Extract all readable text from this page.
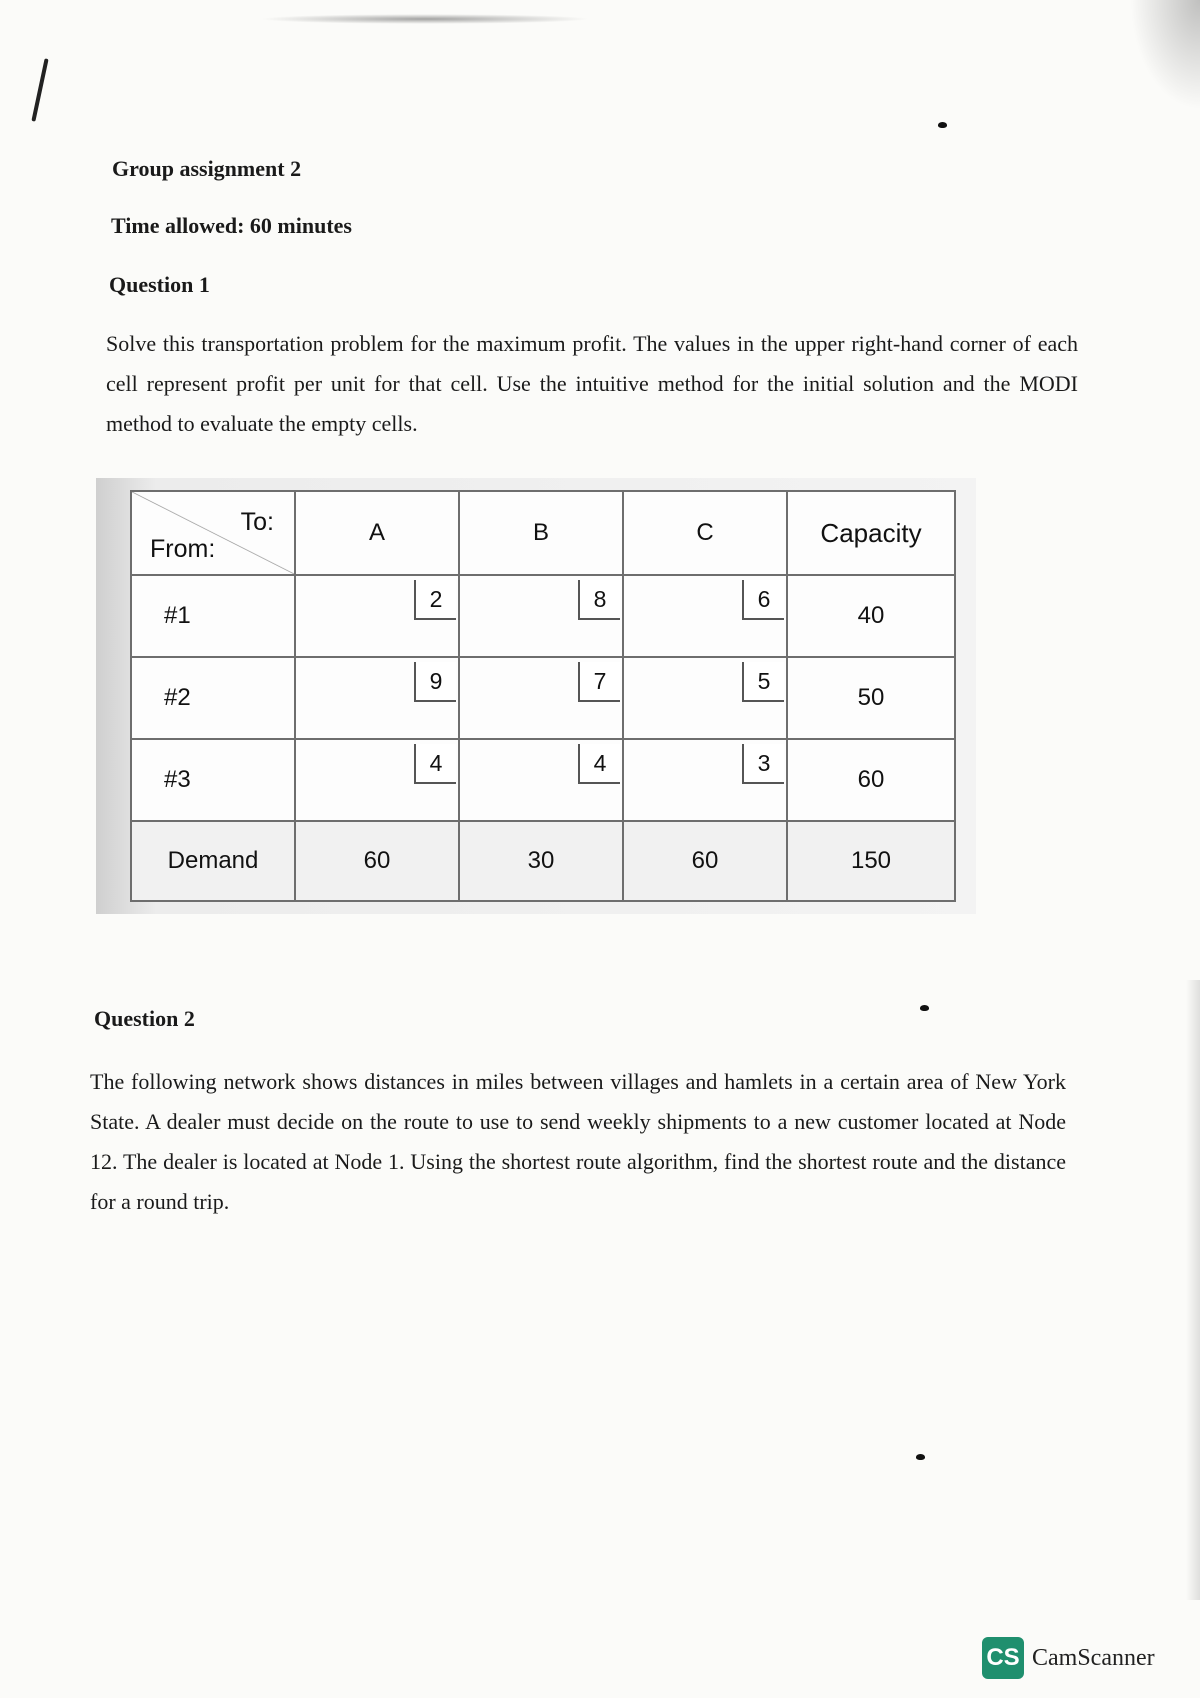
Group assignment 2
Time allowed: 60 minutes
Question 1

Solve this transportation problem for the maximum profit. The values in the upper right-hand corner of each cell represent profit per unit for that cell. Use the intuitive method for the initial solution and the MODI method to evaluate the empty cells.

To:
From:	A	B	C	Capacity
#1	2	8	6	40
#2	9	7	5	50
#3	4	4	3	60
Demand	60	30	60	150
Question 2

The following network shows distances in miles between villages and hamlets in a certain area of New York State. A dealer must decide on the route to use to send weekly shipments to a new customer located at Node 12. The dealer is located at Node 1. Using the shortest route algorithm, find the shortest route and the distance for a round trip.

CS CamScanner
